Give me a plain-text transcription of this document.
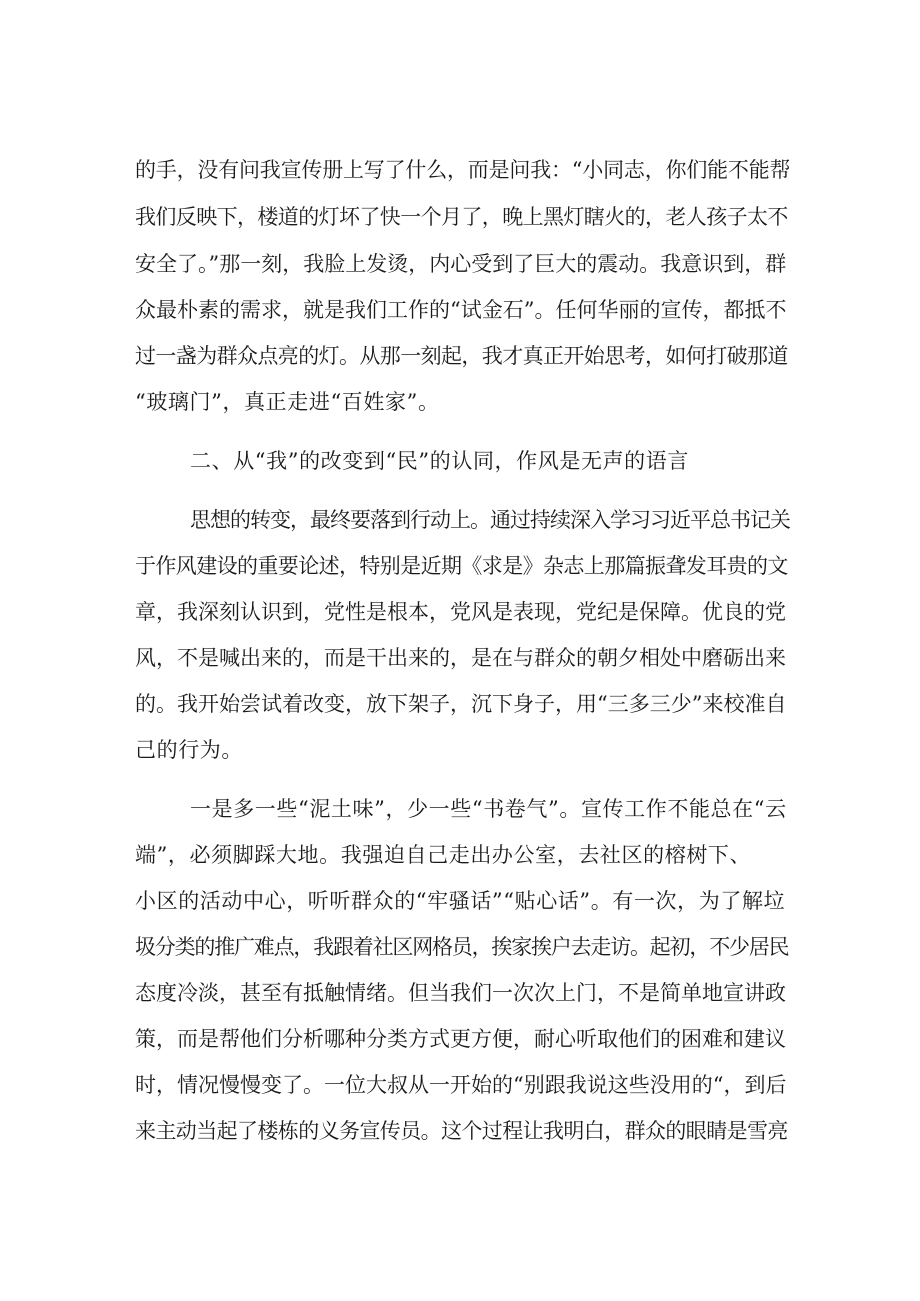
的手，没有问我宣传册上写了什么，而是问我：“小同志，你们能不能帮

我们反映下，楼道的灯坏了快一个月了，晚上黑灯瞎火的，老人孩子太不

安全了。”那一刻，我脸上发烫，内心受到了巨大的震动。我意识到，群

众最朴素的需求，就是我们工作的“试金石”。任何华丽的宣传，都抵不

过一盏为群众点亮的灯。从那一刻起，我才真正开始思考，如何打破那道

“玻璃门”，真正走进“百姓家”。

二、从“我”的改变到“民”的认同，作风是无声的语言

思想的转变，最终要落到行动上。通过持续深入学习习近平总书记关

于作风建设的重要论述，特别是近期《求是》杂志上那篇振聋发耳贵的文

章，我深刻认识到，党性是根本，党风是表现，党纪是保障。优良的党

风，不是喊出来的，而是干出来的，是在与群众的朝夕相处中磨砺出来

的。我开始尝试着改变，放下架子，沉下身子，用“三多三少”来校准自

己的行为。

一是多一些“泥土味”，少一些“书卷气”。宣传工作不能总在“云

端”，必须脚踩大地。我强迫自己走出办公室，去社区的榕树下、

小区的活动中心，听听群众的“牢骚话”“贴心话”。有一次，为了解垃

圾分类的推广难点，我跟着社区网格员，挨家挨户去走访。起初，不少居民

态度冷淡，甚至有抵触情绪。但当我们一次次上门，不是简单地宣讲政

策，而是帮他们分析哪种分类方式更方便，耐心听取他们的困难和建议

时，情况慢慢变了。一位大叔从一开始的“别跟我说这些没用的“，到后

来主动当起了楼栋的义务宣传员。这个过程让我明白，群众的眼睛是雪亮
